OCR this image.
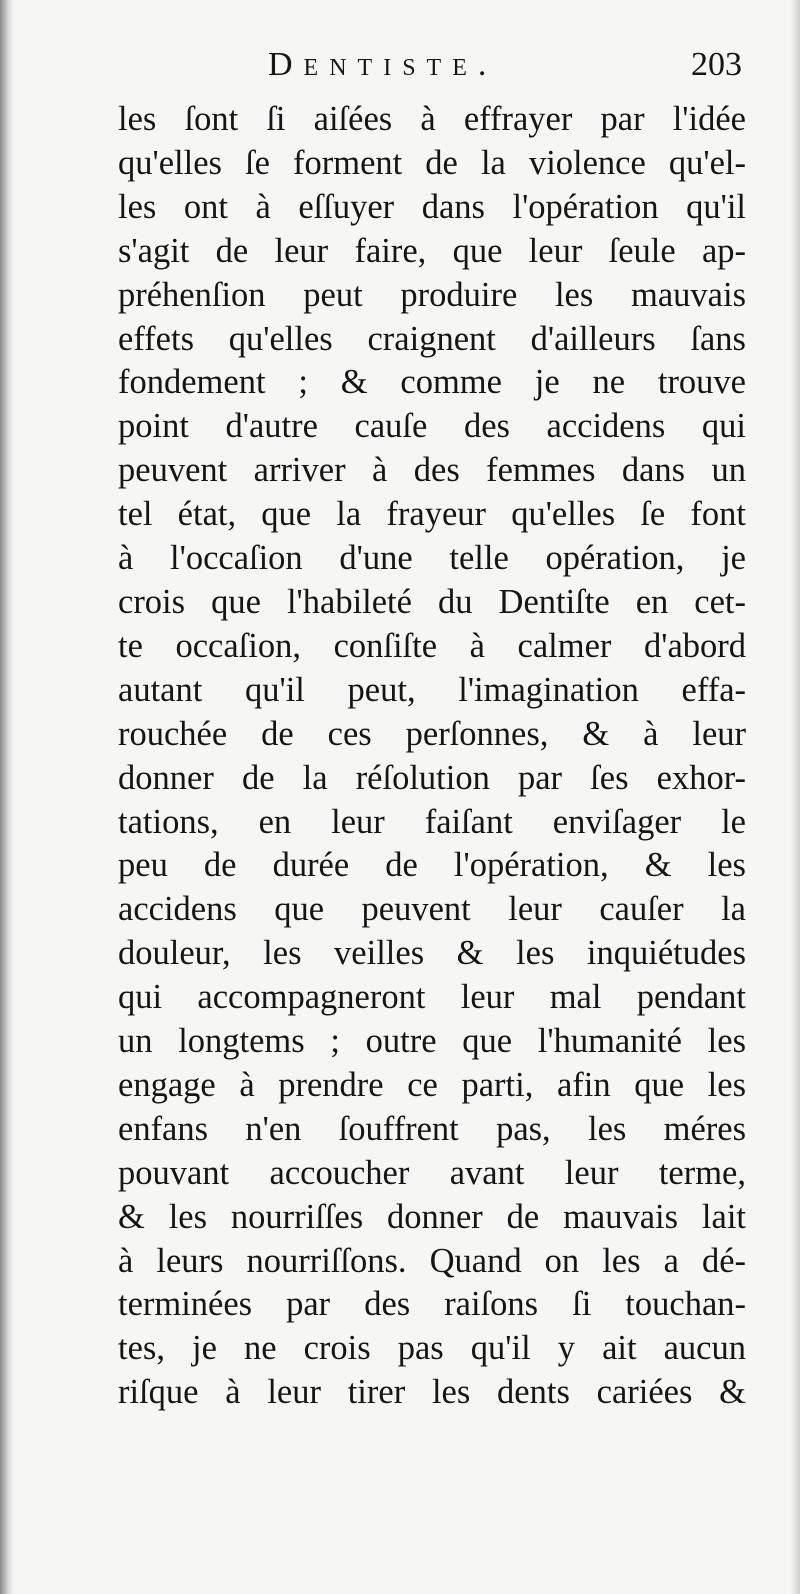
Dentiste.	203
les ſont ſi aiſées à effrayer par l'idée
qu'elles ſe forment de la violence qu'el-
les ont à eſſuyer dans l'opération qu'il
s'agit de leur faire, que leur ſeule ap-
préhenſion peut produire les mauvais
effets qu'elles craignent d'ailleurs ſans
fondement ; & comme je ne trouve
point d'autre cauſe des accidens qui
peuvent arriver à des femmes dans un
tel état, que la frayeur qu'elles ſe font
à l'occaſion d'une telle opération, je
crois que l'habileté du Dentiſte en cet-
te occaſion, conſiſte à calmer d'abord
autant qu'il peut, l'imagination effa-
rouchée de ces perſonnes, & à leur
donner de la réſolution par ſes exhor-
tations, en leur faiſant enviſager le
peu de durée de l'opération, & les
accidens que peuvent leur cauſer la
douleur, les veilles & les inquiétudes
qui accompagneront leur mal pendant
un longtems ; outre que l'humanité les
engage à prendre ce parti, afin que les
enfans n'en ſouffrent pas, les méres
pouvant accoucher avant leur terme,
& les nourriſſes donner de mauvais lait
à leurs nourriſſons. Quand on les a dé-
terminées par des raiſons ſi touchan-
tes, je ne crois pas qu'il y ait aucun
riſque à leur tirer les dents cariées &
